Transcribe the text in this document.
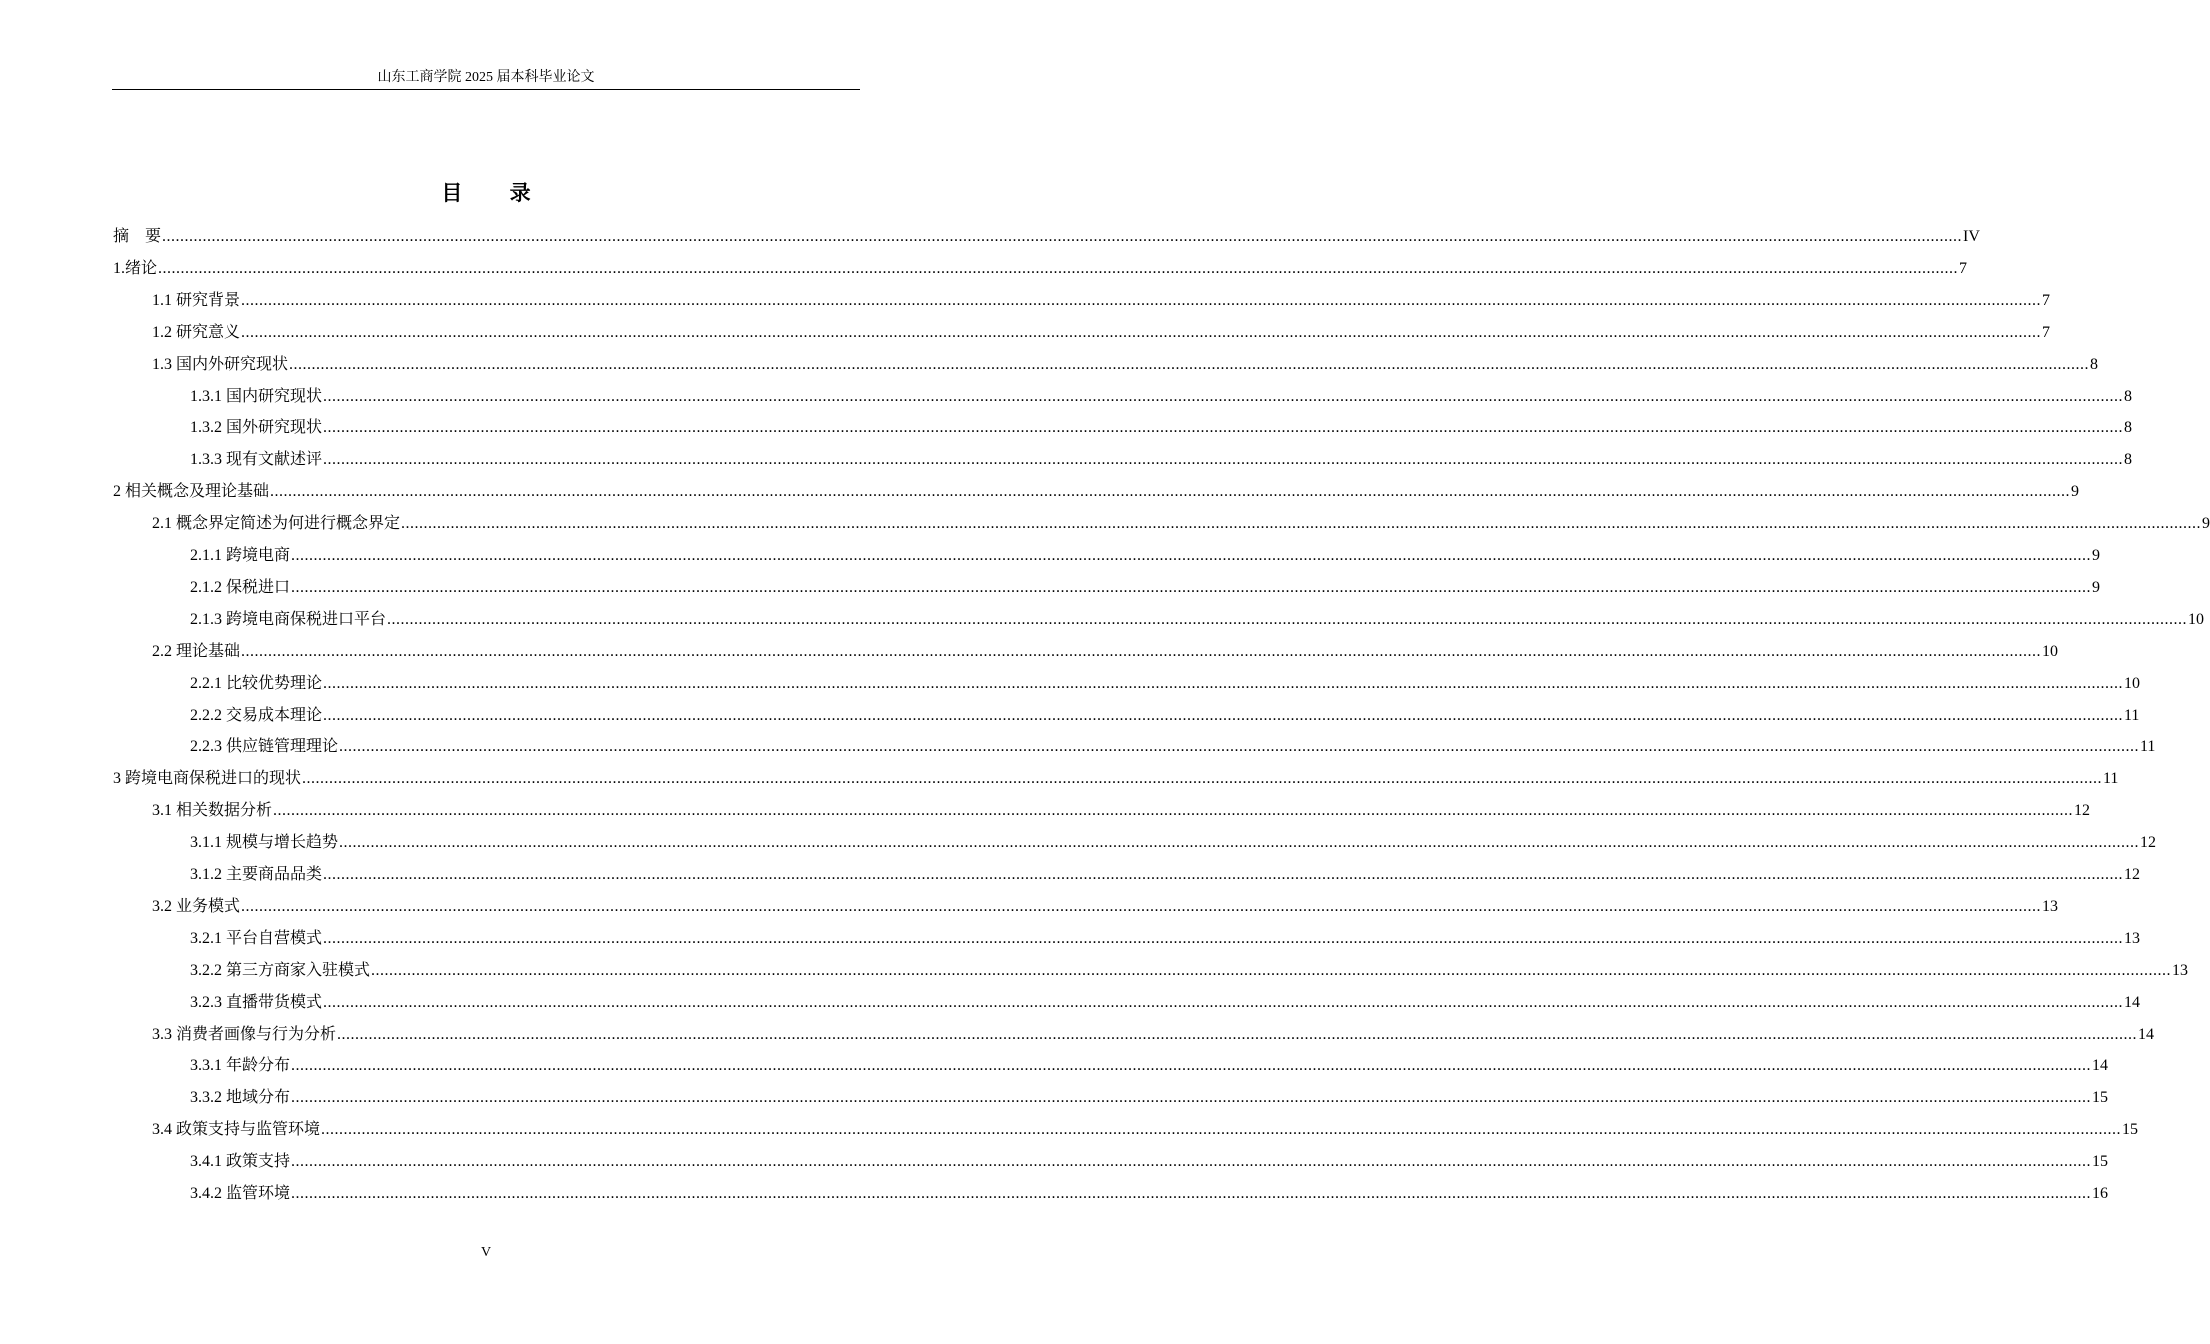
山东工商学院 2025 届本科毕业论文
目 录
摘　要 ................................................................................................................................................................................................................................................................................................................................................................................................................ IV
1.绪论 ................................................................................................................................................................................................................................................................................................................................................................................................................ 7
1.1 研究背景 ................................................................................................................................................................................................................................................................................................................................................................................................................ 7
1.2 研究意义 ................................................................................................................................................................................................................................................................................................................................................................................................................ 7
1.3 国内外研究现状 ................................................................................................................................................................................................................................................................................................................................................................................................................ 8
1.3.1 国内研究现状 ................................................................................................................................................................................................................................................................................................................................................................................................................ 8
1.3.2 国外研究现状 ................................................................................................................................................................................................................................................................................................................................................................................................................ 8
1.3.3 现有文献述评 ................................................................................................................................................................................................................................................................................................................................................................................................................ 8
2 相关概念及理论基础 ................................................................................................................................................................................................................................................................................................................................................................................................................ 9
2.1 概念界定简述为何进行概念界定 ................................................................................................................................................................................................................................................................................................................................................................................................................ 9
2.1.1 跨境电商 ................................................................................................................................................................................................................................................................................................................................................................................................................ 9
2.1.2 保税进口 ................................................................................................................................................................................................................................................................................................................................................................................................................ 9
2.1.3 跨境电商保税进口平台 ................................................................................................................................................................................................................................................................................................................................................................................................................ 10
2.2 理论基础 ................................................................................................................................................................................................................................................................................................................................................................................................................ 10
2.2.1 比较优势理论 ................................................................................................................................................................................................................................................................................................................................................................................................................ 10
2.2.2 交易成本理论 ................................................................................................................................................................................................................................................................................................................................................................................................................ 11
2.2.3 供应链管理理论 ................................................................................................................................................................................................................................................................................................................................................................................................................ 11
3 跨境电商保税进口的现状 ................................................................................................................................................................................................................................................................................................................................................................................................................ 11
3.1 相关数据分析 ................................................................................................................................................................................................................................................................................................................................................................................................................ 12
3.1.1 规模与增长趋势 ................................................................................................................................................................................................................................................................................................................................................................................................................ 12
3.1.2 主要商品品类 ................................................................................................................................................................................................................................................................................................................................................................................................................ 12
3.2 业务模式 ................................................................................................................................................................................................................................................................................................................................................................................................................ 13
3.2.1 平台自营模式 ................................................................................................................................................................................................................................................................................................................................................................................................................ 13
3.2.2 第三方商家入驻模式 ................................................................................................................................................................................................................................................................................................................................................................................................................ 13
3.2.3 直播带货模式 ................................................................................................................................................................................................................................................................................................................................................................................................................ 14
3.3 消费者画像与行为分析 ................................................................................................................................................................................................................................................................................................................................................................................................................ 14
3.3.1 年龄分布 ................................................................................................................................................................................................................................................................................................................................................................................................................ 14
3.3.2 地域分布 ................................................................................................................................................................................................................................................................................................................................................................................................................ 15
3.4 政策支持与监管环境 ................................................................................................................................................................................................................................................................................................................................................................................................................ 15
3.4.1 政策支持 ................................................................................................................................................................................................................................................................................................................................................................................................................ 15
3.4.2 监管环境 ................................................................................................................................................................................................................................................................................................................................................................................................................ 16
V
